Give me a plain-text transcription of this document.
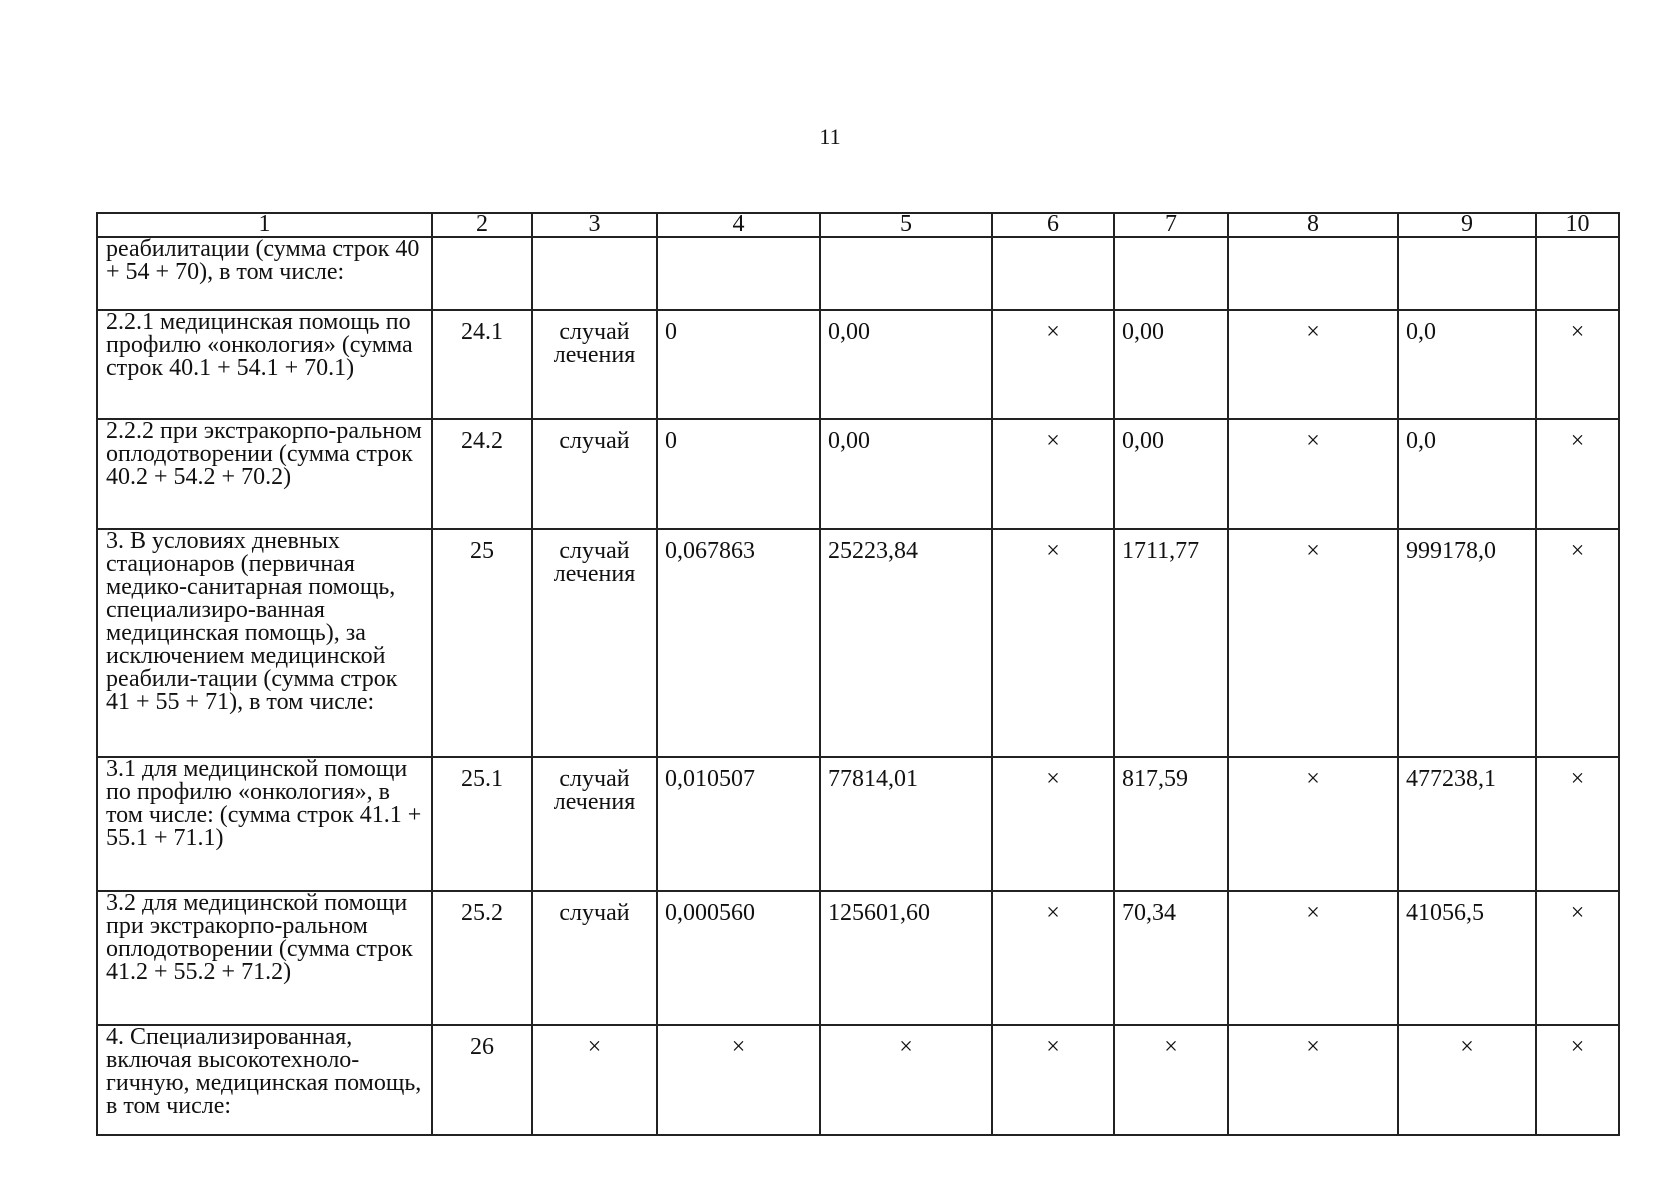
11
1	2	3	4	5	6	7	8	9	10
реабилитации (сумма строк 40 + 54 + 70), в том числе:									
2.2.1 медицинская помощь по профилю «онкология» (сумма строк 40.1 + 54.1 + 70.1)	24.1	случай лечения	0	0,00	×	0,00	×	0,0	×
2.2.2 при экстракорпо-ральном оплодотворении (сумма строк 40.2 + 54.2 + 70.2)	24.2	случай	0	0,00	×	0,00	×	0,0	×
3. В условиях дневных стационаров (первичная медико-санитарная помощь, специализиро-ванная медицинская помощь), за исключением медицинской реабили-тации (сумма строк 41 + 55 + 71), в том числе:	25	случай лечения	0,067863	25223,84	×	1711,77	×	999178,0	×
3.1 для медицинской помощи по профилю «онкология», в том числе: (сумма строк 41.1 + 55.1 + 71.1)	25.1	случай лечения	0,010507	77814,01	×	817,59	×	477238,1	×
3.2 для медицинской помощи при экстракорпо-ральном оплодотворении (сумма строк 41.2 + 55.2 + 71.2)	25.2	случай	0,000560	125601,60	×	70,34	×	41056,5	×
4. Специализированная, включая высокотехноло-гичную, медицинская помощь, в том числе:	26	×	×	×	×	×	×	×	×
